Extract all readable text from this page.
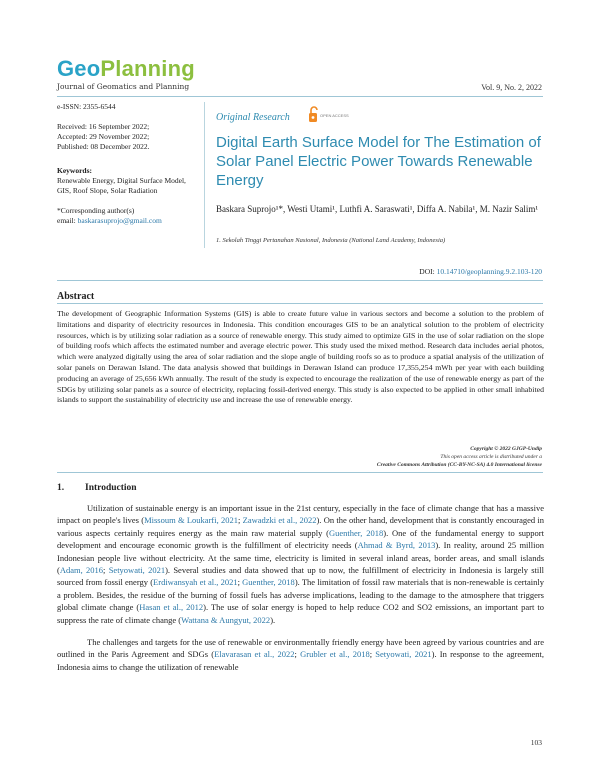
GeoPlanning
Journal of Geomatics and Planning	Vol. 9, No. 2, 2022

e-ISSN: 2355-6544

Received: 16 September 2022;

Accepted: 29 November 2022;

Published: 08 December 2022.

Keywords:

Renewable Energy, Digital Surface Model, GIS, Roof Slope, Solar Radiation

*Corresponding author(s)

email: baskarasuprojo@gmail.com

Original Research	OPEN ACCESS
Digital Earth Surface Model for The Estimation of Solar Panel Electric Power Towards Renewable Energy
Baskara Suprojo¹*, Westi Utami¹, Luthfi A. Saraswati¹, Diffa A. Nabila¹, M. Nazir Salim¹
1. Sekolah Tinggi Pertanahan Nasional, Indonesia (National Land Academy, Indonesia)
DOI: 10.14710/geoplanning.9.2.103-120
Abstract
The development of Geographic Information Systems (GIS) is able to create future value in various sectors and become a solution to the problem of limitations and disparity of electricity resources in Indonesia. This condition encourages GIS to be an analytical solution to the problem of electricity resources, which is by utilizing solar radiation as a source of renewable energy. This study aimed to optimize GIS in the use of solar radiation on the slope of building roofs which affects the estimated number and average electric power. This study used the mixed method. Research data includes aerial photos, which were analyzed digitally using the area of solar radiation and the slope angle of building roofs so as to produce a spatial analysis of the utilization of solar panels on Derawan Island. The data analysis showed that buildings in Derawan Island can produce 17,355,254 mWh per year with each building producing an average of 25,656 kWh annually. The result of the study is expected to encourage the realization of the use of renewable energy as part of the SDGs by utilizing solar panels as a source of electricity, replacing fossil-derived energy. This study is also expected to be applied in other small inhabited islands to support the sustainability of electricity use and increase the use of renewable energy.
Copyright © 2022 GJGP-Undip
This open access article is distributed under a
Creative Commons Attribution (CC-BY-NC-SA) 4.0 International license
1. Introduction

Utilization of sustainable energy is an important issue in the 21st century, especially in the face of climate change that has a massive impact on people's lives (Missoum & Loukarfi, 2021; Zawadzki et al., 2022). On the other hand, development that is constantly encouraged in various aspects certainly requires energy as the main raw material supply (Guenther, 2018). One of the fundamental energy to support development and encourage economic growth is the fulfillment of electricity needs (Ahmad & Byrd, 2013). In reality, around 25 million Indonesian people live without electricity. At the same time, electricity is limited in several inland areas, border areas, and small islands (Adam, 2016; Setyowati, 2021). Several studies and data showed that up to now, the fulfillment of electricity in Indonesia is largely still sourced from fossil energy (Erdiwansyah et al., 2021; Guenther, 2018). The limitation of fossil raw materials that is non-renewable is certainly a problem. Besides, the residue of the burning of fossil fuels has adverse implications, leading to the damage to the atmosphere that triggers global climate change (Hasan et al., 2012). The use of solar energy is hoped to help reduce CO2 and SO2 emissions, an important part to suppress the rate of climate change (Wattana & Aungyut, 2022).

The challenges and targets for the use of renewable or environmentally friendly energy have been agreed by various countries and are outlined in the Paris Agreement and SDGs (Elavarasan et al., 2022; Grubler et al., 2018; Setyowati, 2021). In response to the agreement, Indonesia aims to change the utilization of renewable

103
